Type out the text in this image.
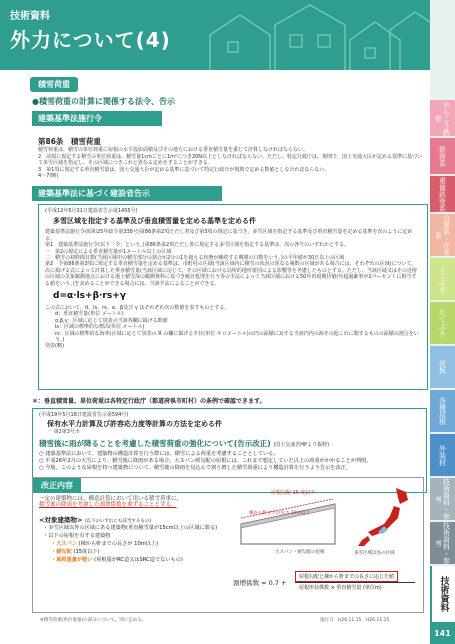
技術資料
外力について(4)
かんこう鉄骨
鉄骨系
重量鉄骨系
合掌系・在来系
よこぶき
たてぶき
波板
各種屋根
外装材
技術資料・参考
技術資料・参考
技術資料
141
積雪荷重
●積雪荷重の計算に関係する法令、告示
建築基準法施行令
第86条　積雪荷重
積雪荷重は、積雪の単位荷重に屋根の水平投影面積及びその地方における垂直積雪量を乗じて計算しなければならない。
2　前項に規定する積雪の単位荷重は、積雪量1cmごとに1m²につき20N以上としなければならない。ただし、特定行政庁は、規則で、国土交通大臣が定める基準に基づいて多雪区域を指定し、その区域につきこれと異なる定めをすることができる。
3　第1項に規定する垂直積雪量は、国土交通大臣が定める基準に基づいて特定行政庁が規則で定める数値としなければならない。
4〜7(略)
建築基準法に基づく建設省告示
(平成12年5月31日建設省告示第1455号)
多雪区域を指定する基準及び垂直積雪量を定める基準を定める件
建築基準法施行令(昭和25年政令第338号)第86条第2項ただし書及び第3項の規定に基づき、多雪区域を指定する基準及び垂直積雪量を定める基準を次のように定める。
第1　建築基準法施行令(以下「令」という。)第86条第2項ただし書に規定する多雪区域を指定する基準は、次の各号のいずれかとする。
一　第2の規定による垂直積雪量が1メートル以上の区域
二　積雪の初終間日数(当該区域中の積雪部分の割合が2分の1を超える状態が継続する期間の日数をいう。)の平年値が30日以上の区域
第2　令第86条第3項に規定する垂直積雪量を定める基準は、市町村の区域(当該区域内に積雪の状況の異なる複数の区域がある場合には、それぞれの区域)について、次に掲げる式によって計算した垂直積雪量(当該区域に応じて、その区域における局所的地形要因による影響等を考慮したものとする。ただし、当該区域又はその近傍の区域の気象観測地点における地上積雪深の観測資料に基づき統計処理を行う等の手法によって当該区域における50年再現期待値(年超過確率が2パーセントに相当する値をいう。)を求めることができる場合には、当該手法によることができる。
d=α·ls+β·rs+γ
この式において、d、ls、rs、α、β及び γ はそれぞれ次の数値を表すものとする。
d：垂直積雪量(単位 メートル)
α,β,γ：区域に応じて別表の当該各欄に掲げる数値
ls：区域の標準的な標高(単位 メートル)
rs：区域の標準的な海率(区域に応じて別表の R の欄に掲げる半径(単位 キロメートル)の円の面積に対する当該円内の海その他これに類するものの面積の割合をいう。)
別表(略)
＊：垂直積雪量、単位荷重は各特定行政庁（都道府県市町村）の条例で確認できます。
(平成19年5月18日建設省告示第594号)
保有水平力計算及び許容応力度等計算の方法を定める件
一 第2第3号ホ
積雪後に雨が降ることを考慮した積雪荷重の強化について(告示改正) (国土交通省HPより抜粋)
○ 建築基準法において、建築物の構造計算を行う際には、積雪による荷重を考慮することとしている。
○ 平成26年2月の大雪により、積雪後に降雨がある場合、大スパン緩勾配の屋根には、これまで想定していた以上の荷重がかかることが判明。
○ 今般、このような屋根を持つ建築物について、積雪後の降雨を見込んで割り増した積雪荷重により構造計算を行うよう告示を改正。
改正内容
一定の建築物には、構造計算において用いる積雪荷重に、
積雪後の降雨を考慮した割増係数を乗ずることとする。
<対象建築物> (以下のいずれにも該当するもの)
・多雪区域以外の区域にある建築物(垂直積雪量が15cm以上の区域に限る)
・以下の屋根を有する建築物
・大スパン (棟から軒までの長さが 10m以上)
・緩勾配 (15度以下)
・屋根重量が軽い (屋根版がRC造又はSRC造でないもの)
屋根勾配 15 度以下
棟から軒までの長さ 10m以上
大スパン・緩勾配の屋根	多雪区域以外の区域
割増係数 = 0.7 +
屋根勾配と棟から軒までの長さに応じた値
屋根形状係数 × 垂直積雪量 (単位m)
※積雪荷重(単位重量)の部分について、別に定める。	施行日：H26.11.15、H26.11.15
